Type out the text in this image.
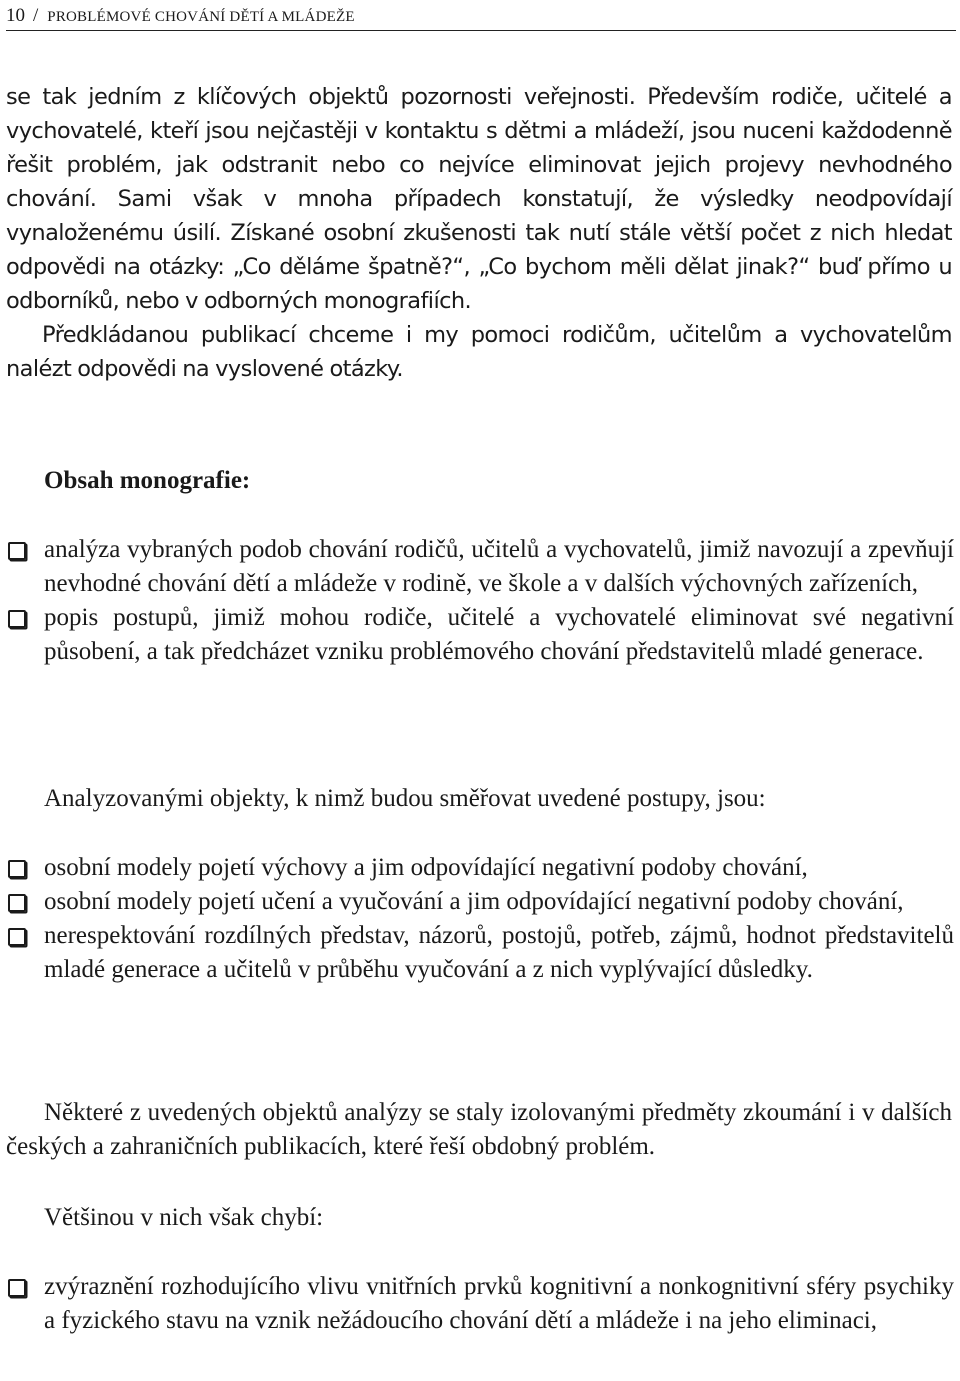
10 / PROBLÉMOVÉ CHOVÁNÍ DĚTÍ A MLÁDEŽE

se tak jedním z klíčových objektů pozornosti veřejnosti. Především rodiče, učitelé a vychovatelé, kteří jsou nejčastěji v kontaktu s dětmi a mládeží, jsou nuceni každodenně řešit problém, jak odstranit nebo co nejvíce eliminovat jejich projevy nevhodného chování. Sami však v mnoha případech konstatují, že výsledky neodpovídají vynaloženému úsilí. Získané osobní zkušenosti tak nutí stále větší počet z nich hledat odpovědi na otázky: „Co děláme špatně?“, „Co bychom měli dělat jinak?“ buď přímo u odborníků, nebo v odborných monografiích.

Předkládanou publikací chceme i my pomoci rodičům, učitelům a vychovatelům nalézt odpovědi na vyslovené otázky.

Obsah monografie:
analýza vybraných podob chování rodičů, učitelů a vychovatelů, jimiž navozují a zpevňují nevhodné chování dětí a mládeže v rodině, ve škole a v dalších výchovných zařízeních,
popis postupů, jimiž mohou rodiče, učitelé a vychovatelé eliminovat své negativní působení, a tak předcházet vzniku problémového chování představitelů mladé generace.

Analyzovanými objekty, k nimž budou směřovat uvedené postupy, jsou:

osobní modely pojetí výchovy a jim odpovídající negativní podoby chování,
osobní modely pojetí učení a vyučování a jim odpovídající negativní podoby chování,
nerespektování rozdílných představ, názorů, postojů, potřeb, zájmů, hodnot představitelů mladé generace a učitelů v průběhu vyučování a z nich vyplývající důsledky.

Některé z uvedených objektů analýzy se staly izolovanými předměty zkoumání i v dalších českých a zahraničních publikacích, které řeší obdobný problém.

Většinou v nich však chybí:

zvýraznění rozhodujícího vlivu vnitřních prvků kognitivní a nonkognitivní sféry psychiky a fyzického stavu na vznik nežádoucího chování dětí a mládeže i na jeho eliminaci,
